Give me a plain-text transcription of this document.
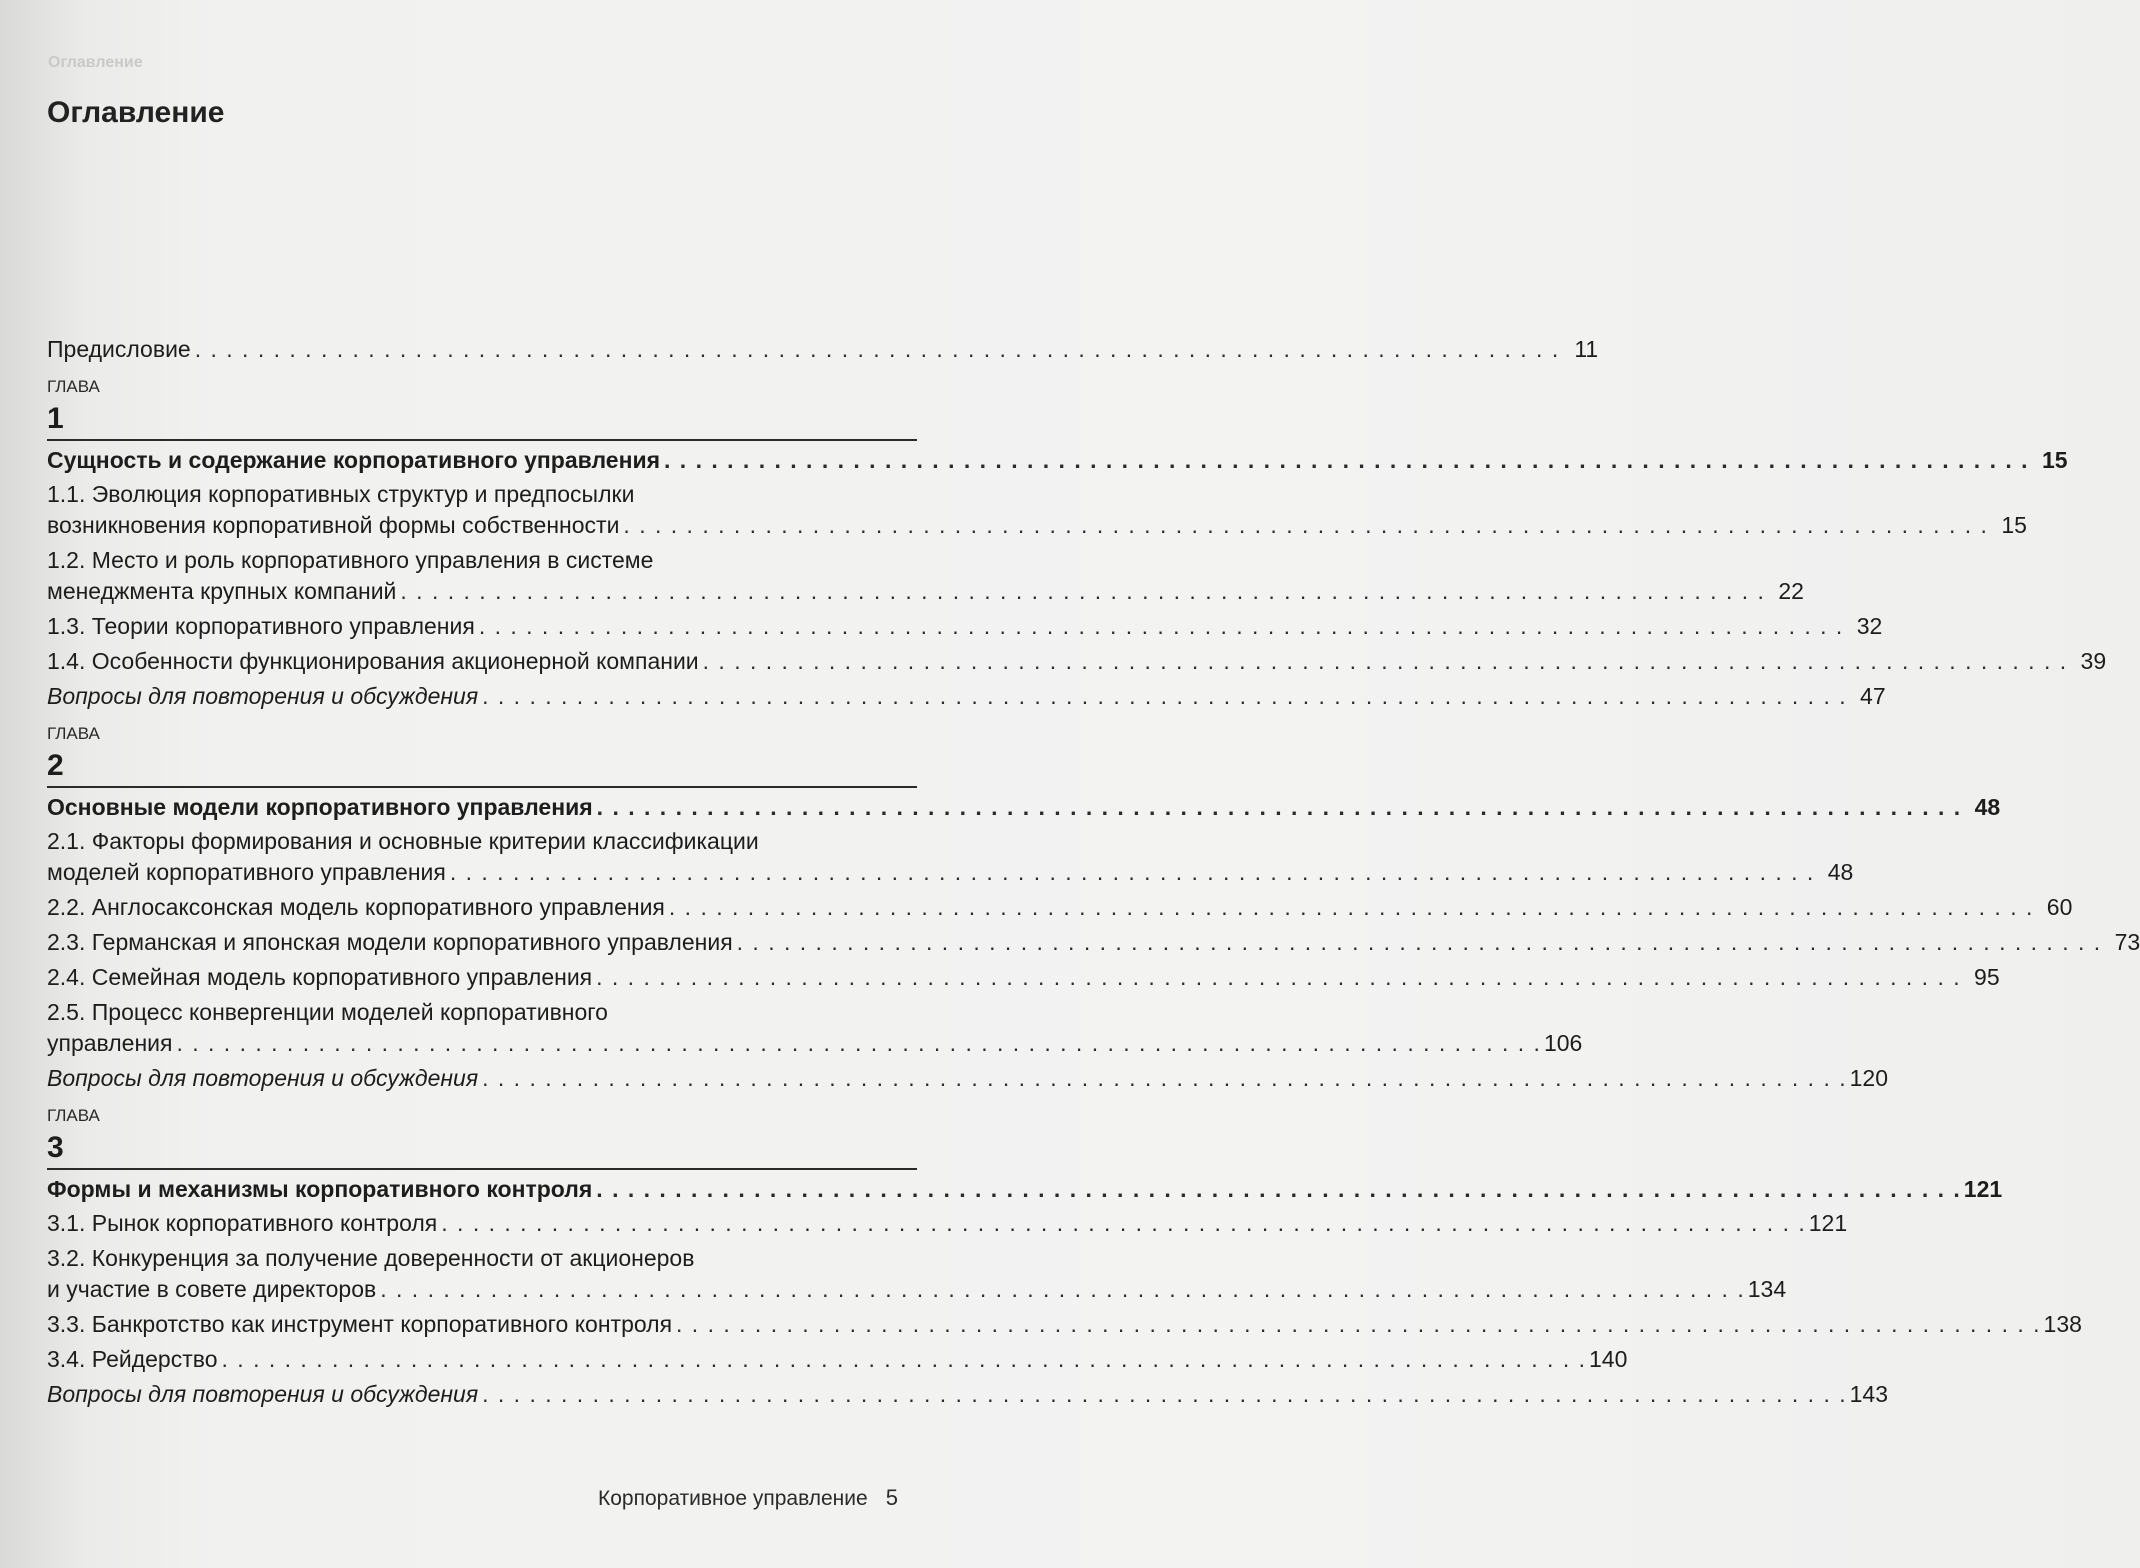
Оглавление
Оглавление
Предисловие . . .	11
ГЛАВА
1
Сущность и содержание корпоративного управления . . .	15
1.1. Эволюция корпоративных структур и предпосылки
возникновения корпоративной формы собственности . . .	15
1.2. Место и роль корпоративного управления в системе
менеджмента крупных компаний . . .	22
1.3. Теории корпоративного управления . . .	32
1.4. Особенности функционирования акционерной компании . . .	39
Вопросы для повторения и обсуждения . . .	47
ГЛАВА
2
Основные модели корпоративного управления . . .	48
2.1. Факторы формирования и основные критерии классификации
моделей корпоративного управления . . .	48
2.2. Англосаксонская модель корпоративного управления . . .	60
2.3. Германская и японская модели корпоративного управления . . .	73
2.4. Семейная модель корпоративного управления . . .	95
2.5. Процесс конвергенции моделей корпоративного
управления . . .	106
Вопросы для повторения и обсуждения . . .	120
ГЛАВА
3
Формы и механизмы корпоративного контроля . . .	121
3.1. Рынок корпоративного контроля . . .	121
3.2. Конкуренция за получение доверенности от акционеров
и участие в совете директоров . . .	134
3.3. Банкротство как инструмент корпоративного контроля . . .	138
3.4. Рейдерство . . .	140
Вопросы для повторения и обсуждения . . .	143
Корпоративное управление 5
